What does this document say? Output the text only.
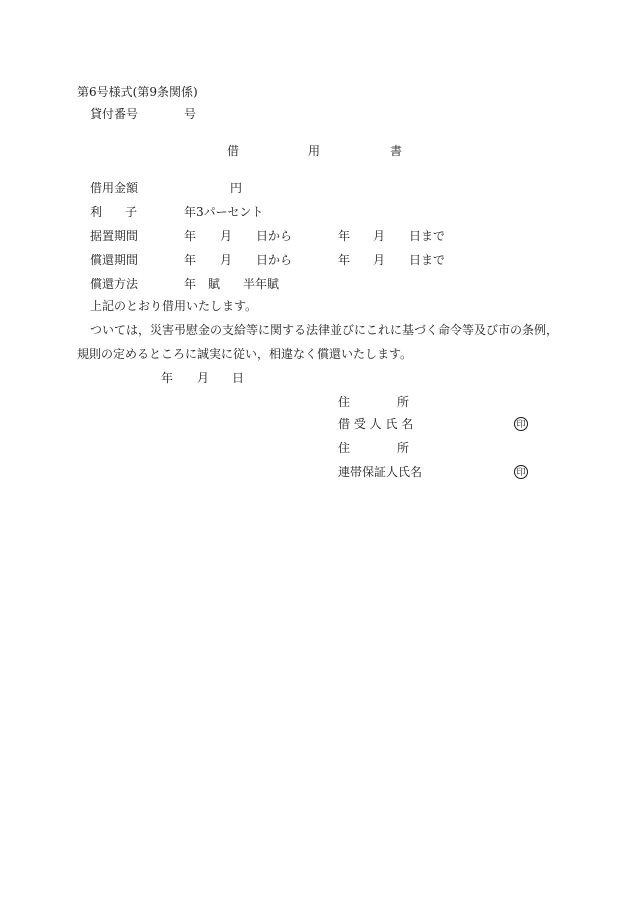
第6号様式(第9条関係)
貸付番号	号
借	用	書
借用金額	円
利 子	年3パーセント
据置期間	年 月 日から	年 月 日まで
償還期間	年 月 日から	年 月 日まで
償還方法	年　賦 半年賦
上記のとおり借用いたします。
ついては，災害弔慰金の支給等に関する法律並びにこれに基づく命令等及び市の条例，
規則の定めるところに誠実に従い，相違なく償還いたします。
年 月 日
住	所
借 受 人 氏 名	印
住	所
連帯保証人氏名	印
